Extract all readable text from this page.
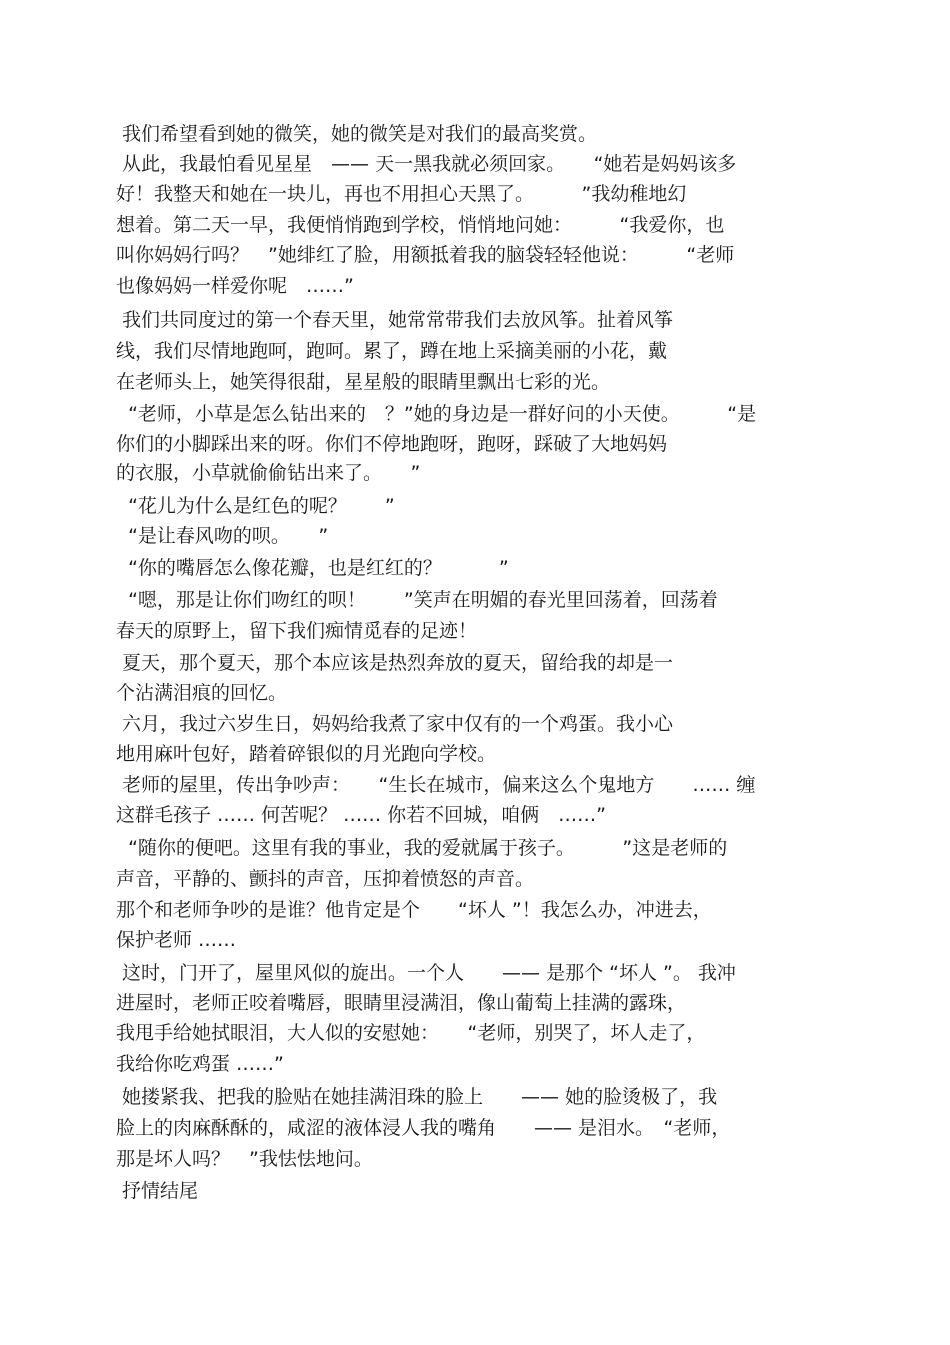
我们希望看到她的微笑，她的微笑是对我们的最高奖赏。
从此，我最怕看见星星　—— 天一黑我就必须回家。　　“她若是妈妈该多
好！我整天和她在一块儿，再也不用担心天黑了。　　　”我幼稚地幻
想着。第二天一早，我便悄悄跑到学校，悄悄地问她：　　　“我爱你，也
叫你妈妈行吗？　”她绯红了脸，用额抵着我的脑袋轻轻他说：　　　“老师
也像妈妈一样爱你呢　……”
我们共同度过的第一个春天里，她常常带我们去放风筝。扯着风筝
线，我们尽情地跑呵，跑呵。累了，蹲在地上采摘美丽的小花，戴
在老师头上，她笑得很甜，星星般的眼睛里飘出七彩的光。
“老师，小草是怎么钻出来的　？”她的身边是一群好问的小天使。　　　“是
你们的小脚踩出来的呀。你们不停地跑呀，跑呀，踩破了大地妈妈
的衣服，小草就偷偷钻出来了。　　”
“花儿为什么是红色的呢？　　”
“是让春风吻的呗。　　”
“你的嘴唇怎么像花瓣，也是红红的？　　　”
“嗯，那是让你们吻红的呗！　　”笑声在明媚的春光里回荡着，回荡着
春天的原野上，留下我们痴情觅春的足迹！
夏天，那个夏天，那个本应该是热烈奔放的夏天，留给我的却是一
个沾满泪痕的回忆。
六月，我过六岁生日，妈妈给我煮了家中仅有的一个鸡蛋。我小心
地用麻叶包好，踏着碎银似的月光跑向学校。
老师的屋里，传出争吵声：　　“生长在城市，偏来这么个鬼地方　　…… 缠
这群毛孩子 …… 何苦呢？ …… 你若不回城，咱俩　……”
“随你的便吧。这里有我的事业，我的爱就属于孩子。　　　”这是老师的
声音，平静的、颤抖的声音，压抑着愤怒的声音。
那个和老师争吵的是谁？他肯定是个　　“坏人 ”！我怎么办，冲进去，
保护老师 ……
这时，门开了，屋里风似的旋出。一个人　　—— 是那个 “坏人 ”。 我冲
进屋时，老师正咬着嘴唇，眼睛里浸满泪，像山葡萄上挂满的露珠，
我甩手给她拭眼泪，大人似的安慰她：　　“老师，别哭了，坏人走了，
我给你吃鸡蛋 ……”
她搂紧我、把我的脸贴在她挂满泪珠的脸上　　—— 她的脸烫极了，我
脸上的肉麻酥酥的，咸涩的液体浸人我的嘴角　　—— 是泪水。　“老师，
那是坏人吗？　”我怯怯地问。
抒情结尾
